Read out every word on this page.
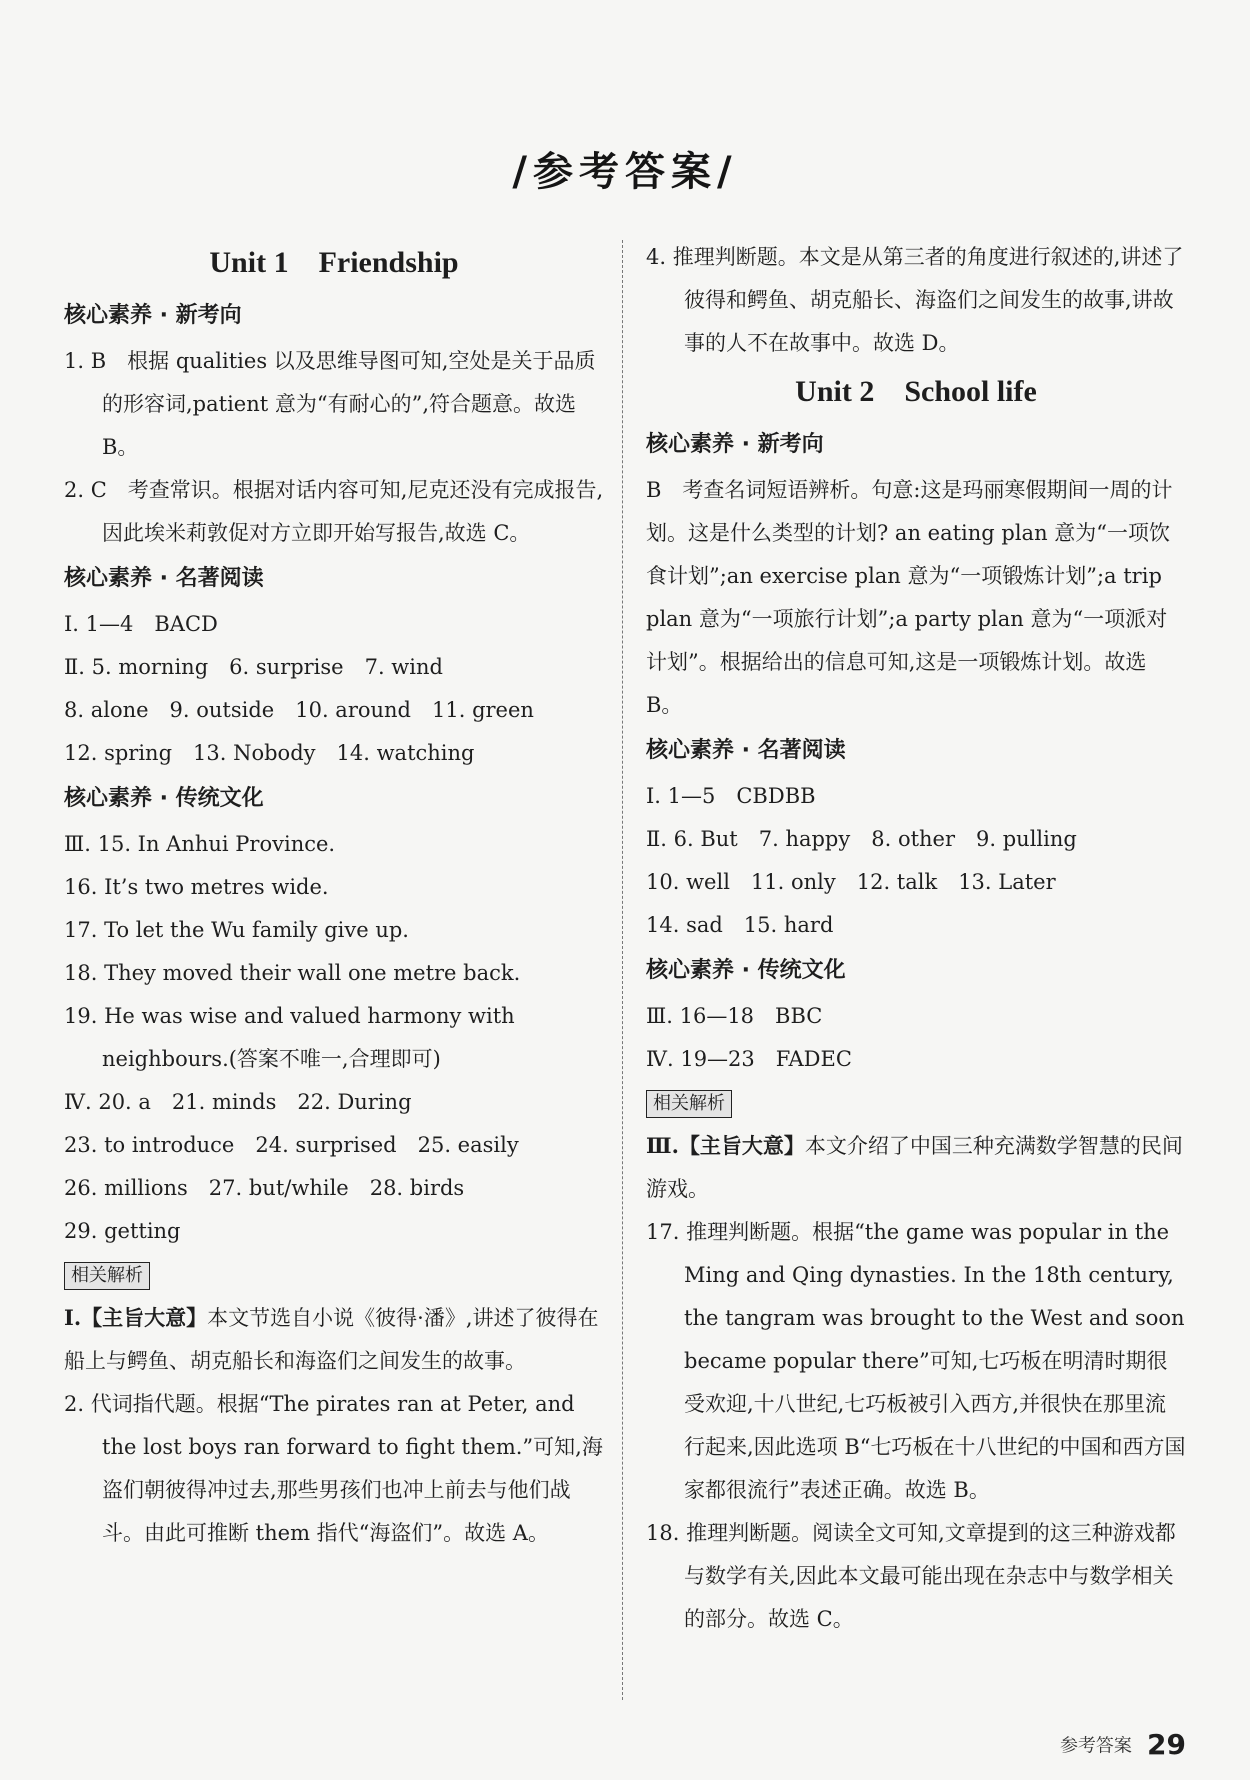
/参考答案/
Unit 1　Friendship
核心素养 · 新考向
1. B　根据 qualities 以及思维导图可知,空处是关于品质的形容词,patient 意为“有耐心的”,符合题意。故选 B。
2. C　考查常识。根据对话内容可知,尼克还没有完成报告,因此埃米莉敦促对方立即开始写报告,故选 C。
核心素养 · 名著阅读
Ⅰ. 1—4　BACD
Ⅱ. 5. morning　6. surprise　7. wind
8. alone　9. outside　10. around　11. green
12. spring　13. Nobody　14. watching
核心素养 · 传统文化
Ⅲ. 15. In Anhui Province.
16. It’s two metres wide.
17. To let the Wu family give up.
18. They moved their wall one metre back.
19. He was wise and valued harmony with neighbours.(答案不唯一,合理即可)
Ⅳ. 20. a　21. minds　22. During
23. to introduce　24. surprised　25. easily
26. millions　27. but/while　28. birds
29. getting
相关解析
Ⅰ.【主旨大意】本文节选自小说《彼得·潘》,讲述了彼得在船上与鳄鱼、胡克船长和海盗们之间发生的故事。
2. 代词指代题。根据“The pirates ran at Peter, and the lost boys ran forward to fight them.”可知,海盗们朝彼得冲过去,那些男孩们也冲上前去与他们战斗。由此可推断 them 指代“海盗们”。故选 A。
4. 推理判断题。本文是从第三者的角度进行叙述的,讲述了彼得和鳄鱼、胡克船长、海盗们之间发生的故事,讲故事的人不在故事中。故选 D。
Unit 2　School life
核心素养 · 新考向
B　考查名词短语辨析。句意:这是玛丽寒假期间一周的计划。这是什么类型的计划? an eating plan 意为“一项饮食计划”;an exercise plan 意为“一项锻炼计划”;a trip plan 意为“一项旅行计划”;a party plan 意为“一项派对计划”。根据给出的信息可知,这是一项锻炼计划。故选 B。
核心素养 · 名著阅读
Ⅰ. 1—5　CBDBB
Ⅱ. 6. But　7. happy　8. other　9. pulling
10. well　11. only　12. talk　13. Later
14. sad　15. hard
核心素养 · 传统文化
Ⅲ. 16—18　BBC
Ⅳ. 19—23　FADEC
相关解析
Ⅲ.【主旨大意】本文介绍了中国三种充满数学智慧的民间游戏。
17. 推理判断题。根据“the game was popular in the Ming and Qing dynasties. In the 18th century, the tangram was brought to the West and soon became popular there”可知,七巧板在明清时期很受欢迎,十八世纪,七巧板被引入西方,并很快在那里流行起来,因此选项 B“七巧板在十八世纪的中国和西方国家都很流行”表述正确。故选 B。
18. 推理判断题。阅读全文可知,文章提到的这三种游戏都与数学有关,因此本文最可能出现在杂志中与数学相关的部分。故选 C。
参考答案 29
